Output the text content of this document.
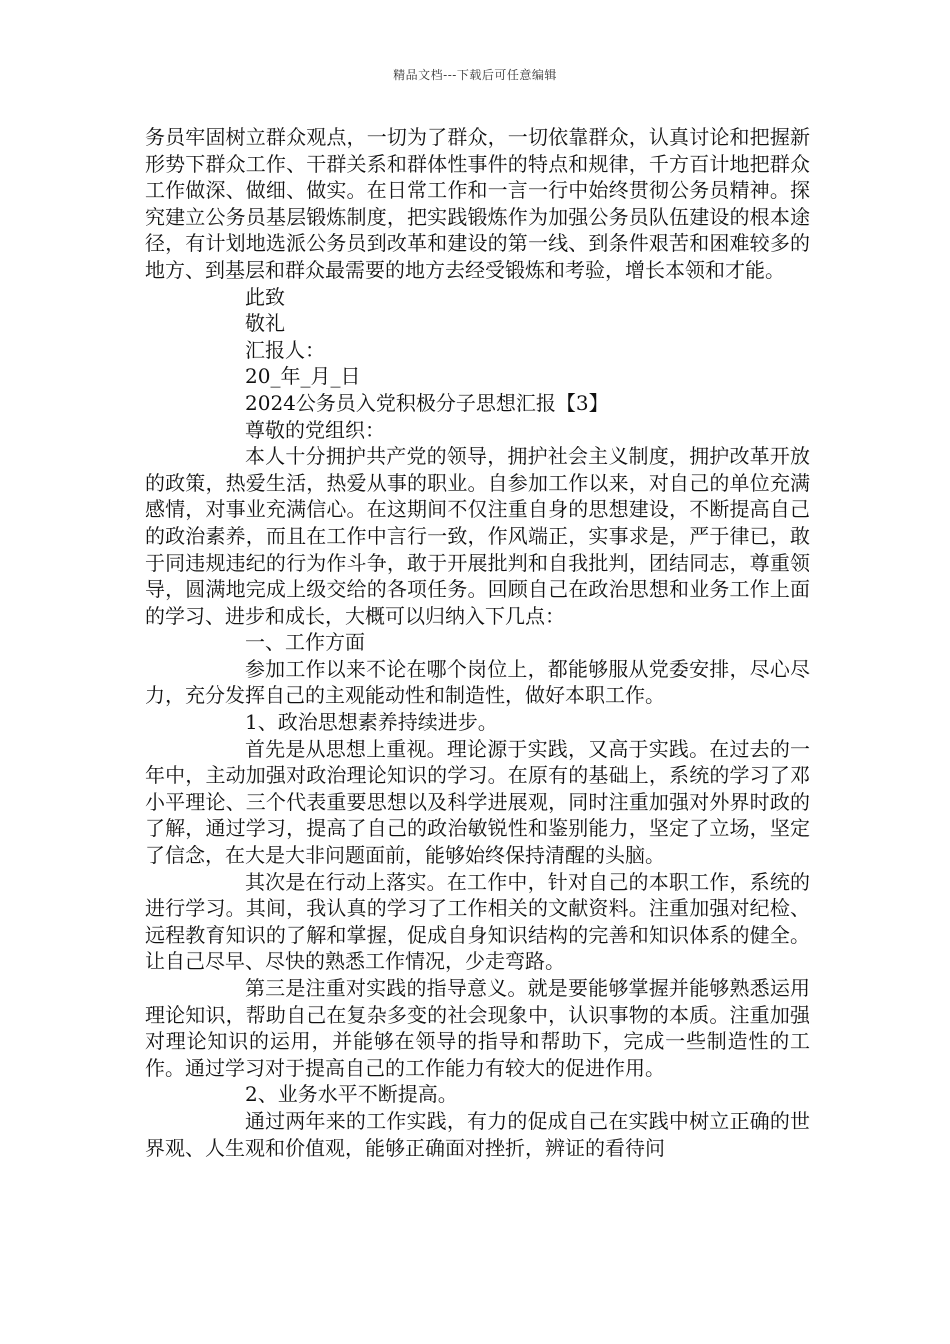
精品文档---下载后可任意编辑

务员牢固树立群众观点，一切为了群众，一切依靠群众，认真讨论和把握新形势下群众工作、干群关系和群体性事件的特点和规律，千方百计地把群众工作做深、做细、做实。在日常工作和一言一行中始终贯彻公务员精神。探究建立公务员基层锻炼制度，把实践锻炼作为加强公务员队伍建设的根本途径，有计划地选派公务员到改革和建设的第一线、到条件艰苦和困难较多的地方、到基层和群众最需要的地方去经受锻炼和考验，增长本领和才能。

此致

敬礼

汇报人：

20_年_月_日

2024公务员入党积极分子思想汇报【3】

尊敬的党组织：

本人十分拥护共产党的领导，拥护社会主义制度，拥护改革开放的政策，热爱生活，热爱从事的职业。自参加工作以来，对自己的单位充满感情，对事业充满信心。在这期间不仅注重自身的思想建设，不断提高自己的政治素养，而且在工作中言行一致，作风端正，实事求是，严于律已，敢于同违规违纪的行为作斗争，敢于开展批判和自我批判，团结同志，尊重领导，圆满地完成上级交给的各项任务。回顾自己在政治思想和业务工作上面的学习、进步和成长，大概可以归纳入下几点：

一、工作方面

参加工作以来不论在哪个岗位上，都能够服从党委安排，尽心尽力，充分发挥自己的主观能动性和制造性，做好本职工作。

1、政治思想素养持续进步。

首先是从思想上重视。理论源于实践，又高于实践。在过去的一年中，主动加强对政治理论知识的学习。在原有的基础上，系统的学习了邓小平理论、三个代表重要思想以及科学进展观，同时注重加强对外界时政的了解，通过学习，提高了自己的政治敏锐性和鉴别能力，坚定了立场，坚定了信念，在大是大非问题面前，能够始终保持清醒的头脑。

其次是在行动上落实。在工作中，针对自己的本职工作，系统的进行学习。其间，我认真的学习了工作相关的文献资料。注重加强对纪检、远程教育知识的了解和掌握，促成自身知识结构的完善和知识体系的健全。让自己尽早、尽快的熟悉工作情况，少走弯路。

第三是注重对实践的指导意义。就是要能够掌握并能够熟悉运用理论知识，帮助自己在复杂多变的社会现象中，认识事物的本质。注重加强对理论知识的运用，并能够在领导的指导和帮助下，完成一些制造性的工作。通过学习对于提高自己的工作能力有较大的促进作用。

2、业务水平不断提高。

通过两年来的工作实践，有力的促成自己在实践中树立正确的世界观、人生观和价值观，能够正确面对挫折，辨证的看待问
